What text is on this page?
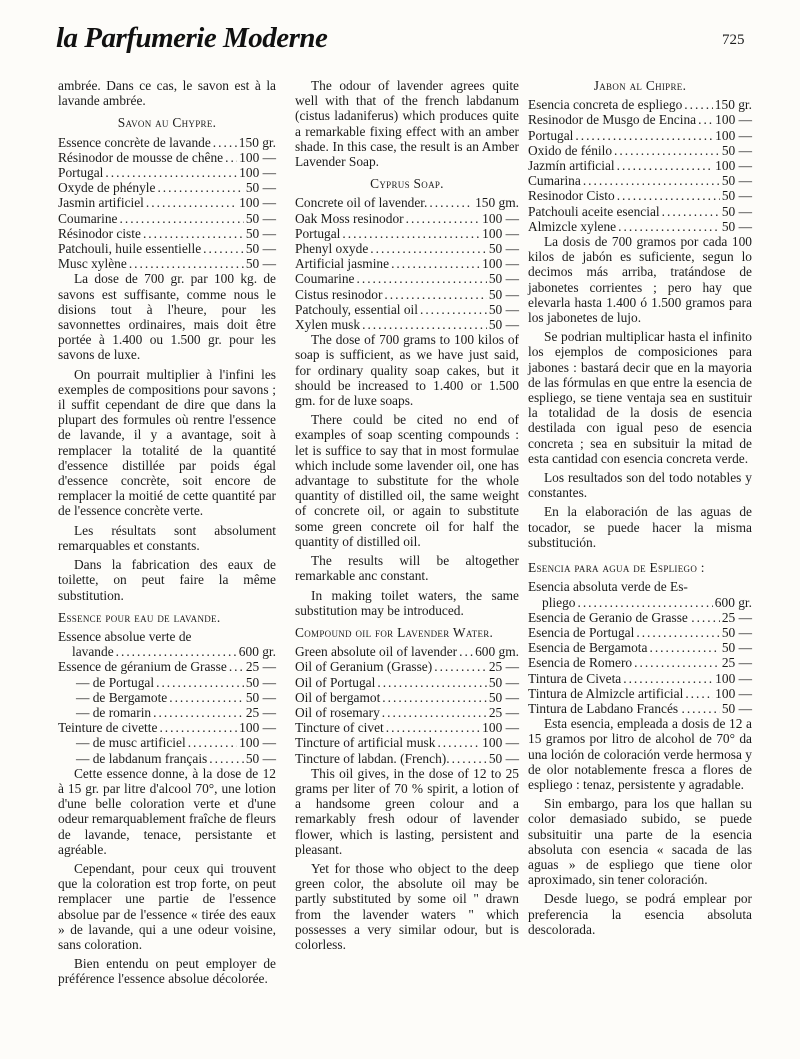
la Parfumerie Moderne	725

ambrée. Dans ce cas, le savon est à la lavande ambrée.

Savon au Chypre.
Essence concrète de lavande ..... 150 gr.
Résinodor de mousse de chêne ..... 100 —
Portugal .....	100 —
Oxyde de phényle .....	50 —
Jasmin artificiel .....	100 —
Coumarine .....	50 —
Résinodor ciste .....	50 —
Patchouli, huile essentielle .....	50 —
Musc xylène .....	50 —

La dose de 700 gr. par 100 kg. de savons est suffisante, comme nous le disions tout à l'heure, pour les savonnettes ordinaires, mais doit être portée à 1.400 ou 1.500 gr. pour les savons de luxe.

On pourrait multiplier à l'infini les exemples de compositions pour savons ; il suffit cependant de dire que dans la plupart des formules où rentre l'essence de lavande, il y a avantage, soit à remplacer la totalité de la quantité d'essence distillée par poids égal d'essence concrète, soit encore de remplacer la moitié de cette quantité par de l'essence concrète verte.

Les résultats sont absolument remarquables et constants.

Dans la fabrication des eaux de toilette, on peut faire la même substitution.

Essence pour eau de lavande.
Essence absolue verte de
lavande .....	600 gr.
Essence de géranium de Grasse ..... 25 —
— de Portugal .....	50 —
— de Bergamote .....	50 —
— de romarin .....	25 —
Teinture de civette .....	100 —
— de musc artificiel .....	100 —
— de labdanum français .....	50 —

Cette essence donne, à la dose de 12 à 15 gr. par litre d'alcool 70°, une lotion d'une belle coloration verte et d'une odeur remarquablement fraîche de fleurs de lavande, tenace, persistante et agréable.

Cependant, pour ceux qui trouvent que la coloration est trop forte, on peut remplacer une partie de l'essence absolue par de l'essence « tirée des eaux » de lavande, qui a une odeur voisine, sans coloration.

Bien entendu on peut employer de préférence l'essence absolue décolorée.

The odour of lavender agrees quite well with that of the french labdanum (cistus ladaniferus) which produces quite a remarkable fixing effect with an amber shade. In this case, the result is an Amber Lavender Soap.

Cyprus Soap.
Concrete oil of lavender. .....	150 gm.
Oak Moss resinodor .....	100 —
Portugal .....	100 —
Phenyl oxyde .....	50 —
Artificial jasmine .....	100 —
Coumarine .....	50 —
Cistus resinodor .....	50 —
Patchouly, essential oil .....	50 —
Xylen musk .....	50 —

The dose of 700 grams to 100 kilos of soap is sufficient, as we have just said, for ordinary quality soap cakes, but it should be increased to 1.400 or 1.500 gm. for de luxe soaps.

There could be cited no end of examples of soap scenting compounds : let is suffice to say that in most formulae which include some lavender oil, one has advantage to substitute for the whole quantity of distilled oil, the same weight of concrete oil, or again to substitute some green concrete oil for half the quantity of distilled oil.

The results will be altogether remarkable anc constant.

In making toilet waters, the same substitution may be introduced.

Compound oil for Lavender Water.
Green absolute oil of lavender ..... 600 gm.
Oil of Geranium (Grasse) .....	25 —
Oil of Portugal .....	50 —
Oil of bergamot .....	50 —
Oil of rosemary .....	25 —
Tincture of civet .....	100 —
Tincture of artificial musk .....	100 —
Tincture of labdan. (French). .....	50 —

This oil gives, in the dose of 12 to 25 grams per liter of 70 % spirit, a lotion of a handsome green colour and a remarkably fresh odour of lavender flower, which is lasting, persistent and pleasant.

Yet for those who object to the deep green color, the absolute oil may be partly substituted by some oil " drawn from the lavender waters " which possesses a very similar odour, but is colorless.

Jabon al Chipre.
Esencia concreta de espliego ..... 150 gr.
Resinodor de Musgo de Encina ..... 100 —
Portugal .....	100 —
Oxido de fénilo .....	50 —
Jazmín artificial .....	100 —
Cumarina .....	50 —
Resinodor Cisto .....	50 —
Patchouli aceite esencial .....	50 —
Almizcle xylene .....	50 —

La dosis de 700 gramos por cada 100 kilos de jabón es suficiente, segun lo decimos más arriba, tratándose de jabonetes corrientes ; pero hay que elevarla hasta 1.400 ó 1.500 gramos para los jabonetes de lujo.

Se podrian multiplicar hasta el infinito los ejemplos de composiciones para jabones : bastará decir que en la mayoria de las fórmulas en que entre la esencia de espliego, se tiene ventaja sea en sustituir la totalidad de la dosis de esencia destilada con igual peso de esencia concreta ; sea en subsituir la mitad de esta cantidad con esencia concreta verde.

Los resultados son del todo notables y constantes.

En la elaboración de las aguas de tocador, se puede hacer la misma substitución.

Esencia para agua de Espliego :
Esencia absoluta verde de Es-
pliego .....	600 gr.
Esencia de Geranio de Grasse . ..... 25 —
Esencia de Portugal .....	50 —
Esencia de Bergamota .....	50 —
Esencia de Romero .....	25 —
Tintura de Civeta .....	100 —
Tintura de Almizcle artificial ..... 100 —
Tintura de Labdano Francés . .....	50 —

Esta esencia, empleada a dosis de 12 a 15 gramos por litro de alcohol de 70° da una loción de coloración verde hermosa y de olor notablemente fresca a flores de espliego : tenaz, persistente y agradable.

Sin embargo, para los que hallan su color demasiado subido, se puede subsituitir una parte de la esencia absoluta con esencia « sacada de las aguas » de espliego que tiene olor aproximado, sin tener coloración.

Desde luego, se podrá emplear por preferencia la esencia absoluta descolorada.
